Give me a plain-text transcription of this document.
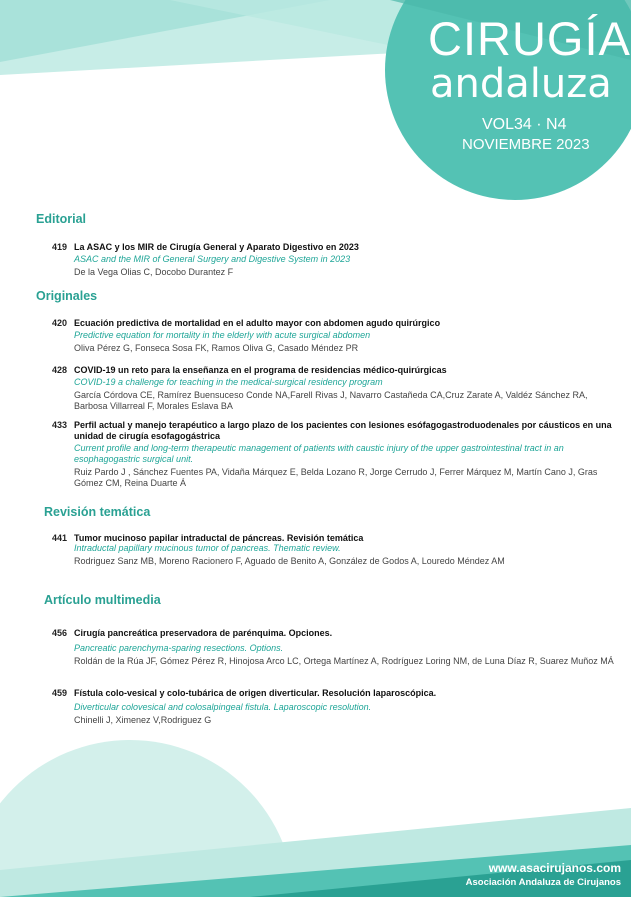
CIRUGÍA
andaluza
VOL34 · N4
NOVIEMBRE 2023
Editorial
419 La ASAC y los MIR de Cirugía General y Aparato Digestivo en 2023
ASAC and the MIR of General Surgery and Digestive System in 2023
De la Vega Olias C, Docobo Durantez F
Originales
420 Ecuación predictiva de mortalidad en el adulto mayor con abdomen agudo quirúrgico
Predictive equation for mortality in the elderly with acute surgical abdomen
Oliva Pérez G, Fonseca Sosa FK, Ramos Oliva G, Casado Méndez PR
428 COVID-19 un reto para la enseñanza en el programa de residencias médico-quirúrgicas
COVID-19 a challenge for teaching in the medical-surgical residency program
García Córdova CE, Ramírez Buensuceso Conde NA,Farell Rivas J, Navarro Castañeda CA,Cruz Zarate A, Valdéz Sánchez RA, Barbosa Villarreal F, Morales Eslava BA
433 Perfil actual y manejo terapéutico a largo plazo de los pacientes con lesiones esófagogastroduodenales por cáusticos en una unidad de cirugía esofagogástrica
Current profile and long-term therapeutic management of patients with caustic injury of the upper gastrointestinal tract in an esophagogastric surgical unit.
Ruiz Pardo J , Sánchez Fuentes PA, Vidaña Márquez E, Belda Lozano R, Jorge Cerrudo J, Ferrer Márquez M, Martín Cano J, Gras Gómez CM, Reina Duarte Á
Revisión temática
441 Tumor mucinoso papilar intraductal de páncreas. Revisión temática
Intraductal papillary mucinous tumor of pancreas. Thematic review.
Rodriguez Sanz MB, Moreno Racionero F, Aguado de Benito A, González de Godos A, Louredo Méndez AM
Artículo multimedia
456 Cirugía pancreática preservadora de parénquima. Opciones.
Pancreatic parenchyma-sparing resections. Options.
Roldán de la Rúa JF, Gómez Pérez R, Hinojosa Arco LC, Ortega Martínez A, Rodríguez Loring NM, de Luna Díaz R, Suarez Muñoz MÁ
459 Fístula colo-vesical y colo-tubárica de origen diverticular. Resolución laparoscópica.
Diverticular colovesical and colosalpingeal fistula. Laparoscopic resolution.
Chinelli J, Ximenez V,Rodriguez G
www.asacirujanos.com
Asociación Andaluza de Cirujanos
